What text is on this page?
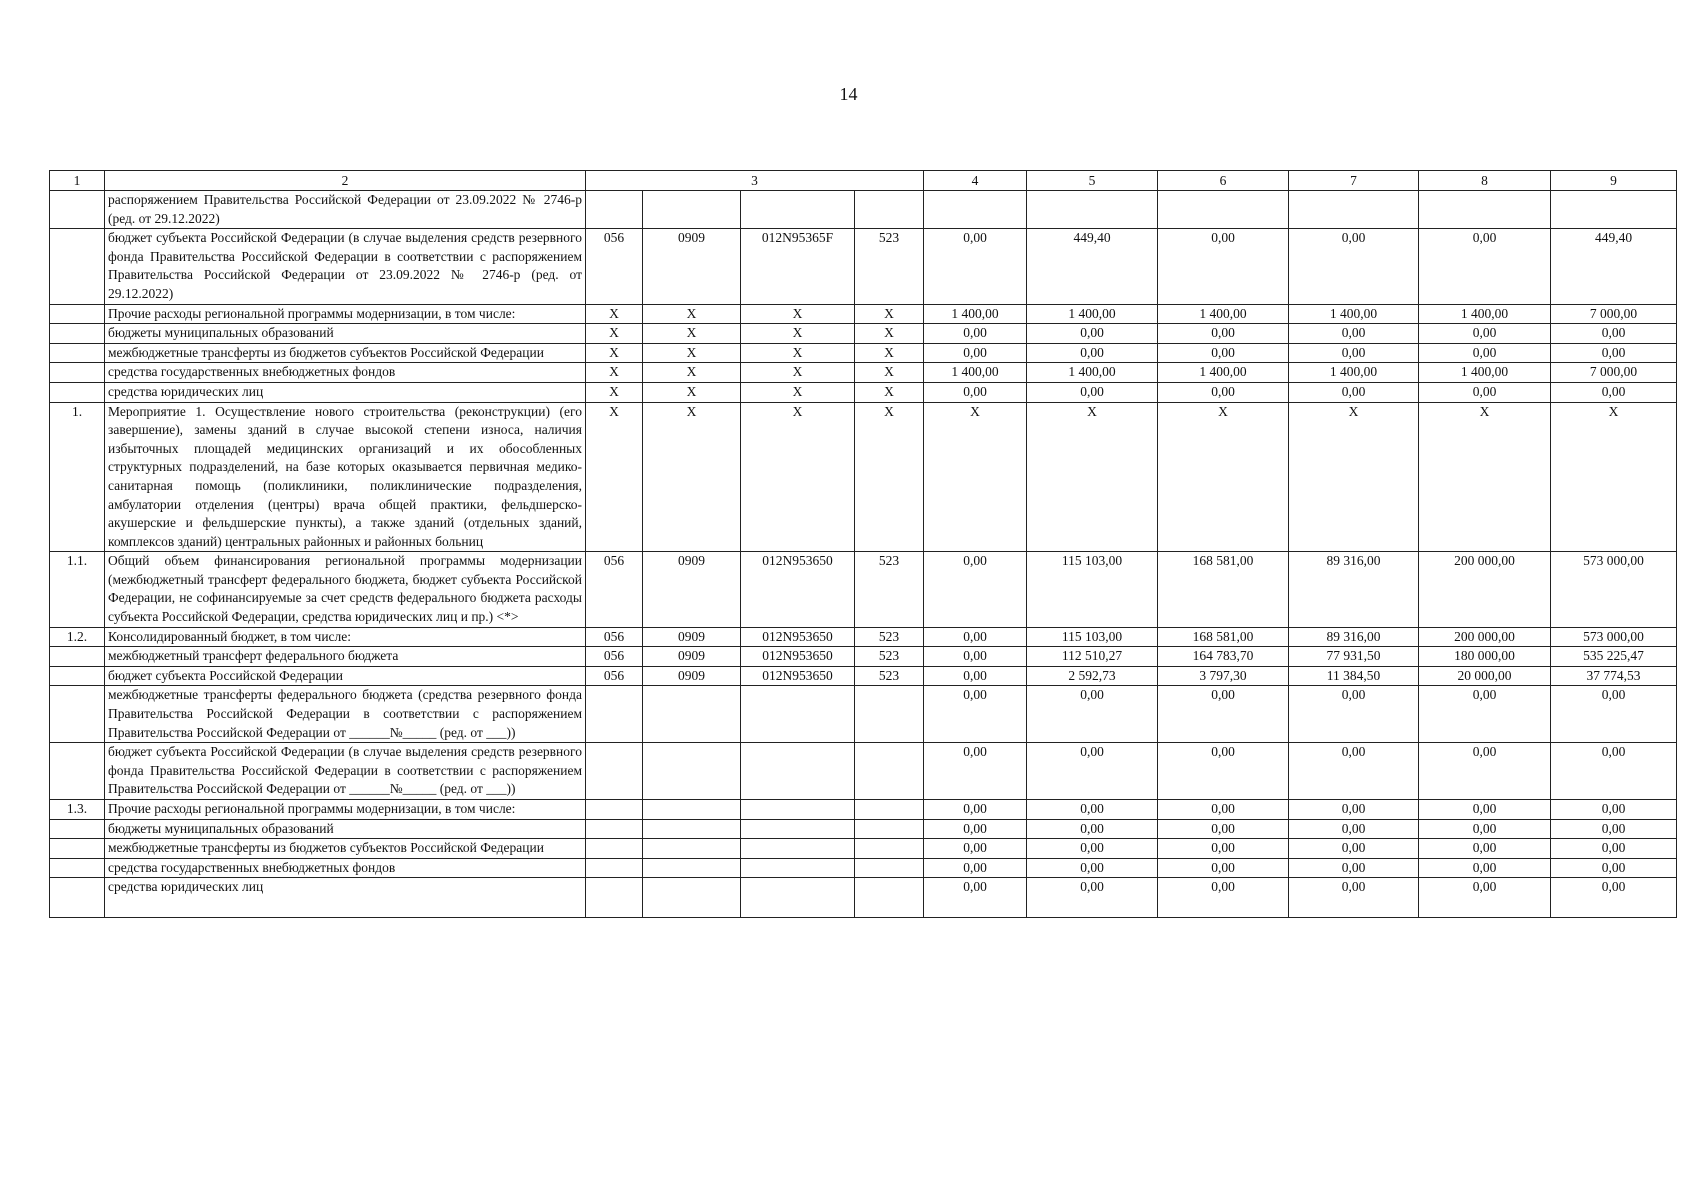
14
1	2	3				4	5	6	7	8	9
	распоряжением Правительства Российской Федерации от 23.09.2022 № 2746-р (ред. от 29.12.2022)										
	бюджет субъекта Российской Федерации (в случае выделения средств резервного фонда Правительства Российской Федерации в соответствии с распоряжением Правительства Российской Федерации от 23.09.2022 № 2746-р (ред. от 29.12.2022)	056	0909	012N95365F	523	0,00	449,40	0,00	0,00	0,00	449,40
	Прочие расходы региональной программы модернизации, в том числе:	X	X	X	X	1 400,00	1 400,00	1 400,00	1 400,00	1 400,00	7 000,00
	бюджеты муниципальных образований	X	X	X	X	0,00	0,00	0,00	0,00	0,00	0,00
	межбюджетные трансферты из бюджетов субъектов Российской Федерации	X	X	X	X	0,00	0,00	0,00	0,00	0,00	0,00
	средства государственных внебюджетных фондов	X	X	X	X	1 400,00	1 400,00	1 400,00	1 400,00	1 400,00	7 000,00
	средства юридических лиц	X	X	X	X	0,00	0,00	0,00	0,00	0,00	0,00
1.	Мероприятие 1. Осуществление нового строительства (реконструкции) (его завершение), замены зданий в случае высокой степени износа, наличия избыточных площадей медицинских организаций и их обособленных структурных подразделений, на базе которых оказывается первичная медико-санитарная помощь (поликлиники, поликлинические подразделения, амбулатории отделения (центры) врача общей практики, фельдшерско-акушерские и фельдшерские пункты), а также зданий (отдельных зданий, комплексов зданий) центральных районных и районных больниц	X	X	X	X	X	X	X	X	X	X
1.1.	Общий объем финансирования региональной программы модернизации (межбюджетный трансферт федерального бюджета, бюджет субъекта Российской Федерации, не софинансируемые за счет средств федерального бюджета расходы субъекта Российской Федерации, средства юридических лиц и пр.) <*>	056	0909	012N953650	523	0,00	115 103,00	168 581,00	89 316,00	200 000,00	573 000,00
1.2.	Консолидированный бюджет, в том числе:	056	0909	012N953650	523	0,00	115 103,00	168 581,00	89 316,00	200 000,00	573 000,00
	межбюджетный трансферт федерального бюджета	056	0909	012N953650	523	0,00	112 510,27	164 783,70	77 931,50	180 000,00	535 225,47
	бюджет субъекта Российской Федерации	056	0909	012N953650	523	0,00	2 592,73	3 797,30	11 384,50	20 000,00	37 774,53
	межбюджетные трансферты федерального бюджета (средства резервного фонда Правительства Российской Федерации в соответствии с распоряжением Правительства Российской Федерации от ______№_____ (ред. от ___))					0,00	0,00	0,00	0,00	0,00	0,00
	бюджет субъекта Российской Федерации (в случае выделения средств резервного фонда Правительства Российской Федерации в соответствии с распоряжением Правительства Российской Федерации от ______№_____ (ред. от ___))					0,00	0,00	0,00	0,00	0,00	0,00
1.3.	Прочие расходы региональной программы модернизации, в том числе:					0,00	0,00	0,00	0,00	0,00	0,00
	бюджеты муниципальных образований					0,00	0,00	0,00	0,00	0,00	0,00
	межбюджетные трансферты из бюджетов субъектов Российской Федерации					0,00	0,00	0,00	0,00	0,00	0,00
	средства государственных внебюджетных фондов					0,00	0,00	0,00	0,00	0,00	0,00
	средства юридических лиц					0,00	0,00	0,00	0,00	0,00	0,00
